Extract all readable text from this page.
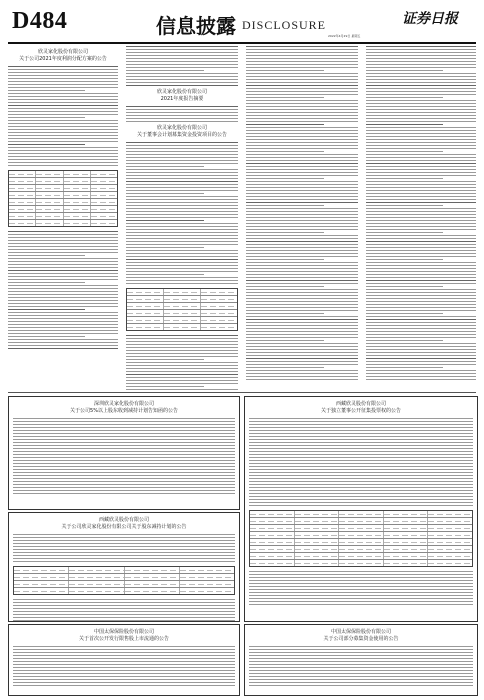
D484	信息披露 DISCLOSURE	证券日报
2022年4月29日 星期五
欣灵家化股份有限公司
关于公司2021年度利润分配方案的公告
欣灵家化股份有限公司
2021年度报告摘要
欣灵家化股份有限公司
关于董事会计划募集资金投资项目的公告
深圳欣灵家化股份有限公司
关于公司5%以上股东收到减持计划告知函的公告
西藏欣灵股份有限公司
关于独立董事公开征集投票权的公告
西藏欣灵股份有限公司
关于公司欣灵家化股份有限公司关于股东减持计划的公告
中国太保保险股份有限公司
关于首次公开发行限售股上市流通的公告
中国太保保险股份有限公司
关于公司部分募集资金使用的公告
